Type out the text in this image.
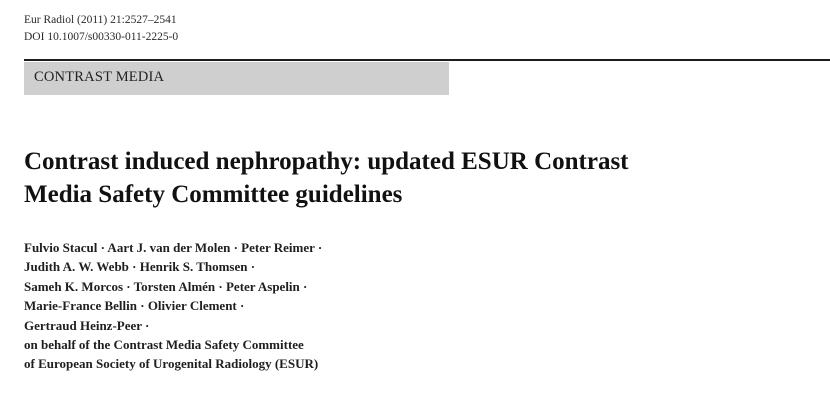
Eur Radiol (2011) 21:2527–2541
DOI 10.1007/s00330-011-2225-0
CONTRAST MEDIA
Contrast induced nephropathy: updated ESUR Contrast
Media Safety Committee guidelines
Fulvio Stacul · Aart J. van der Molen · Peter Reimer ·
Judith A. W. Webb · Henrik S. Thomsen ·
Sameh K. Morcos · Torsten Almén · Peter Aspelin ·
Marie-France Bellin · Olivier Clement ·
Gertraud Heinz-Peer ·
on behalf of the Contrast Media Safety Committee
of European Society of Urogenital Radiology (ESUR)
